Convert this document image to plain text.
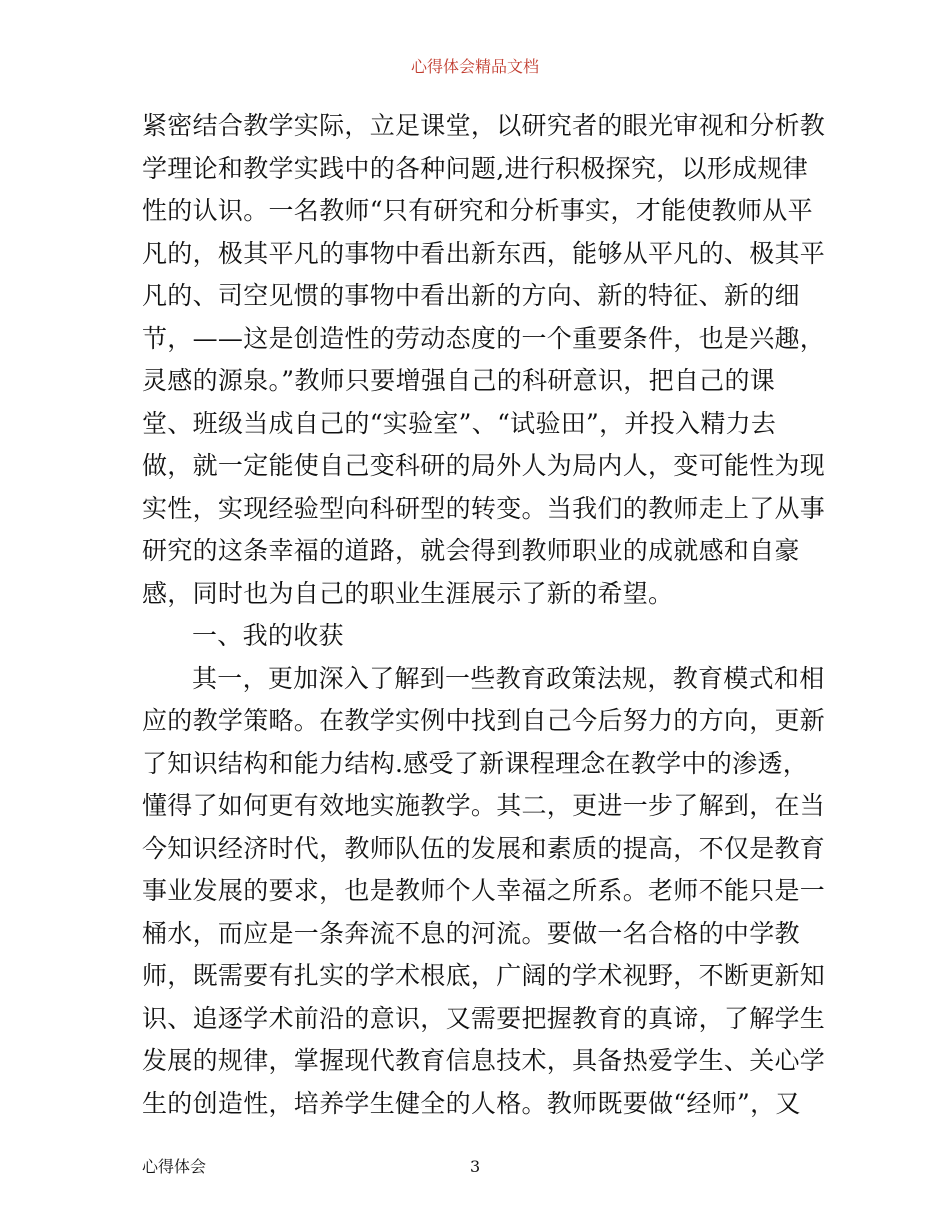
心得体会精品文档
紧密结合教学实际，立足课堂，以研究者的眼光审视和分析教
学理论和教学实践中的各种问题,进行积极探究，以形成规律
性的认识。一名教师“只有研究和分析事实，才能使教师从平
凡的，极其平凡的事物中看出新东西，能够从平凡的、极其平
凡的、司空见惯的事物中看出新的方向、新的特征、新的细
节，——这是创造性的劳动态度的一个重要条件，也是兴趣，
灵感的源泉。”教师只要增强自己的科研意识，把自己的课
堂、班级当成自己的“实验室”、“试验田”，并投入精力去
做，就一定能使自己变科研的局外人为局内人，变可能性为现
实性，实现经验型向科研型的转变。当我们的教师走上了从事
研究的这条幸福的道路，就会得到教师职业的成就感和自豪
感，同时也为自己的职业生涯展示了新的希望。
一、我的收获
其一，更加深入了解到一些教育政策法规，教育模式和相
应的教学策略。在教学实例中找到自己今后努力的方向，更新
了知识结构和能力结构.感受了新课程理念在教学中的渗透，
懂得了如何更有效地实施教学。其二，更进一步了解到，在当
今知识经济时代，教师队伍的发展和素质的提高，不仅是教育
事业发展的要求，也是教师个人幸福之所系。老师不能只是一
桶水，而应是一条奔流不息的河流。要做一名合格的中学教
师，既需要有扎实的学术根底，广阔的学术视野，不断更新知
识、追逐学术前沿的意识，又需要把握教育的真谛，了解学生
发展的规律，掌握现代教育信息技术，具备热爱学生、关心学
生的创造性，培养学生健全的人格。教师既要做“经师”，又
心得体会	3
